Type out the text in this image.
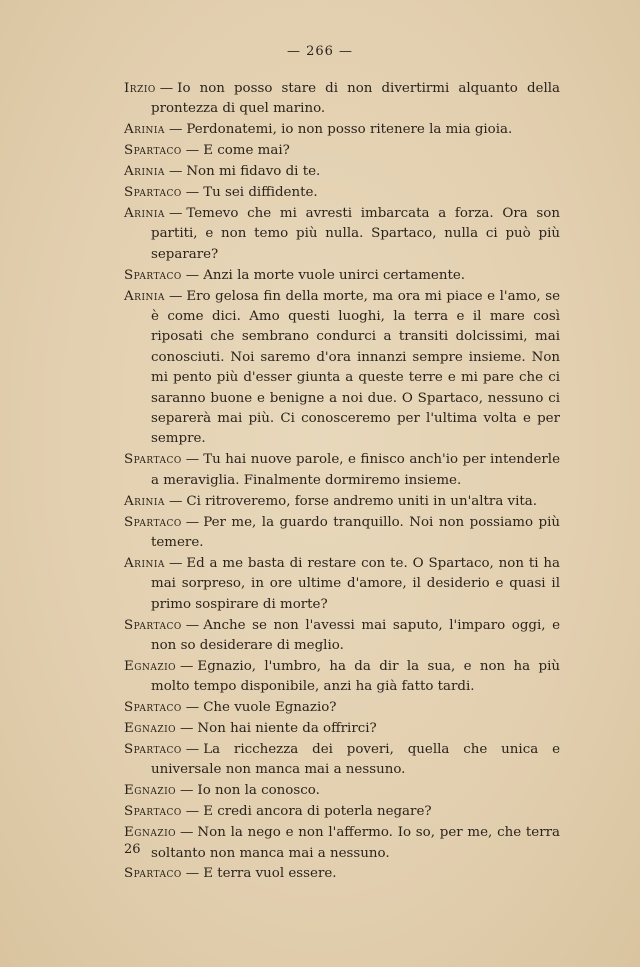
— 266 —

Irzio — Io non posso stare di non divertirmi alquanto della prontezza di quel marino.

Arinia — Perdonatemi, io non posso ritenere la mia gioia.

Spartaco — E come mai?

Arinia — Non mi fidavo di te.

Spartaco — Tu sei diffidente.

Arinia — Temevo che mi avresti imbarcata a forza. Ora son partiti, e non temo più nulla. Spartaco, nulla ci può più separare?

Spartaco — Anzi la morte vuole unirci certamente.

Arinia — Ero gelosa fin della morte, ma ora mi piace e l'amo, se è come dici. Amo questi luoghi, la terra e il mare così riposati che sembrano condurci a transiti dolcissimi, mai conosciuti. Noi saremo d'ora innanzi sempre insieme. Non mi pento più d'esser giunta a queste terre e mi pare che ci saranno buone e benigne a noi due. O Spartaco, nessuno ci separerà mai più. Ci conosceremo per l'ultima volta e per sempre.

Spartaco — Tu hai nuove parole, e finisco anch'io per intenderle a meraviglia. Finalmente dormiremo insieme.

Arinia — Ci ritroveremo, forse andremo uniti in un'altra vita.

Spartaco — Per me, la guardo tranquillo. Noi non possiamo più temere.

Arinia — Ed a me basta di restare con te. O Spartaco, non ti ha mai sorpreso, in ore ultime d'amore, il desiderio e quasi il primo sospirare di morte?

Spartaco — Anche se non l'avessi mai saputo, l'imparo oggi, e non so desiderare di meglio.

Egnazio — Egnazio, l'umbro, ha da dir la sua, e non ha più molto tempo disponibile, anzi ha già fatto tardi.

Spartaco — Che vuole Egnazio?

Egnazio — Non hai niente da offrirci?

Spartaco — La ricchezza dei poveri, quella che unica e universale non manca mai a nessuno.

Egnazio — Io non la conosco.

Spartaco — E credi ancora di poterla negare?

Egnazio — Non la nego e non l'affermo. Io so, per me, che terra soltanto non manca mai a nessuno.

Spartaco — E terra vuol essere.

26
